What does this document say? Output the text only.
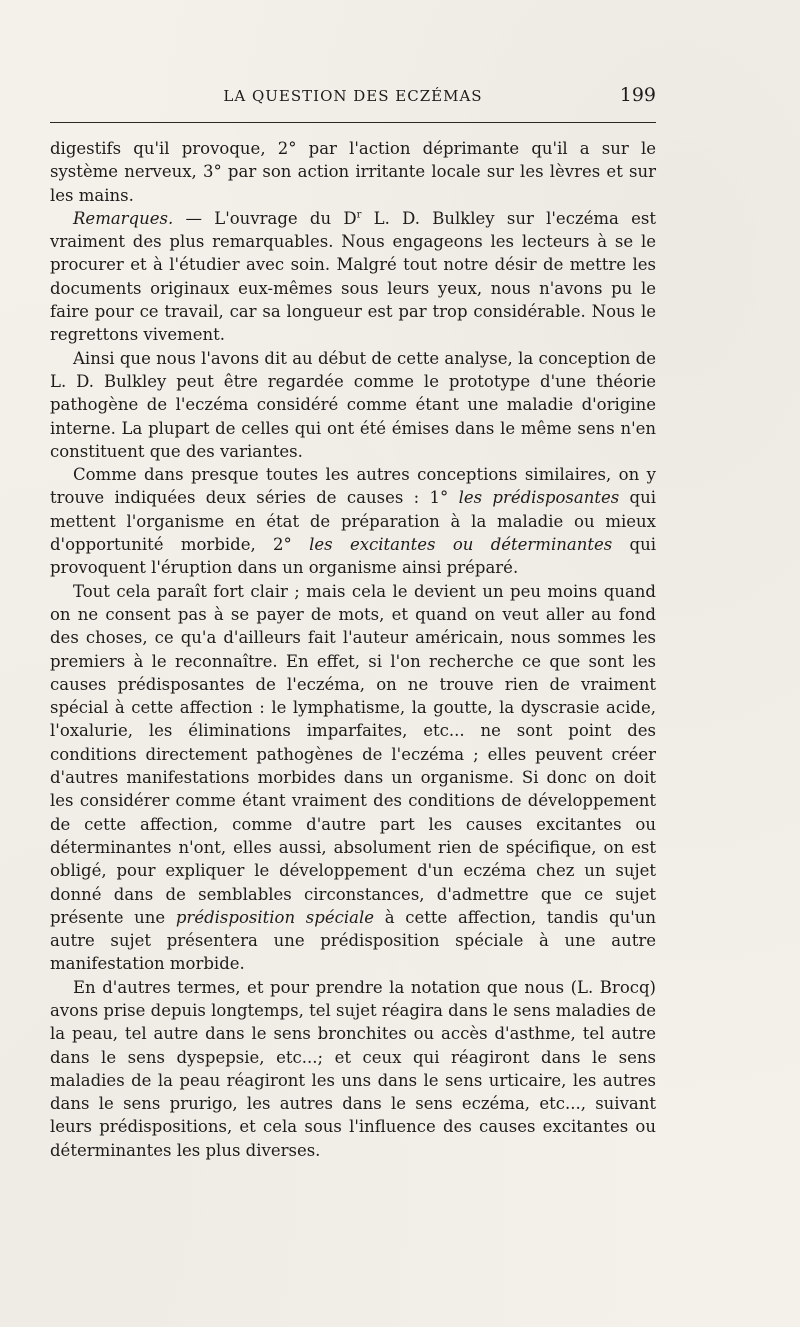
LA QUESTION DES ECZÉMAS	199

digestifs qu'il provoque, 2° par l'action déprimante qu'il a sur le système nerveux, 3° par son action irritante locale sur les lèvres et sur les mains.

Remarques. — L'ouvrage du $D^r$ L. D. Bulkley sur l'eczéma est vraiment des plus remarquables. Nous engageons les lecteurs à se le procurer et à l'étudier avec soin. Malgré tout notre désir de mettre les documents originaux eux-mêmes sous leurs yeux, nous n'avons pu le faire pour ce travail, car sa longueur est par trop considérable. Nous le regrettons vivement.

Ainsi que nous l'avons dit au début de cette analyse, la conception de L. D. Bulkley peut être regardée comme le prototype d'une théorie pathogène de l'eczéma considéré comme étant une maladie d'origine interne. La plupart de celles qui ont été émises dans le même sens n'en constituent que des variantes.

Comme dans presque toutes les autres conceptions similaires, on y trouve indiquées deux séries de causes : 1° les prédisposantes qui mettent l'organisme en état de préparation à la maladie ou mieux d'opportunité morbide, 2° les excitantes ou déterminantes qui provoquent l'éruption dans un organisme ainsi préparé.

Tout cela paraît fort clair ; mais cela le devient un peu moins quand on ne consent pas à se payer de mots, et quand on veut aller au fond des choses, ce qu'a d'ailleurs fait l'auteur américain, nous sommes les premiers à le reconnaître. En effet, si l'on recherche ce que sont les causes prédisposantes de l'eczéma, on ne trouve rien de vraiment spécial à cette affection : le lymphatisme, la goutte, la dyscrasie acide, l'oxalurie, les éliminations imparfaites, etc... ne sont point des conditions directement pathogènes de l'eczéma ; elles peuvent créer d'autres manifestations morbides dans un organisme. Si donc on doit les considérer comme étant vraiment des conditions de développement de cette affection, comme d'autre part les causes excitantes ou déterminantes n'ont, elles aussi, absolument rien de spécifique, on est obligé, pour expliquer le développement d'un eczéma chez un sujet donné dans de semblables circonstances, d'admettre que ce sujet présente une prédisposition spéciale à cette affection, tandis qu'un autre sujet présentera une prédisposition spéciale à une autre manifestation morbide.

En d'autres termes, et pour prendre la notation que nous (L. Brocq) avons prise depuis longtemps, tel sujet réagira dans le sens maladies de la peau, tel autre dans le sens bronchites ou accès d'asthme, tel autre dans le sens dyspepsie, etc...; et ceux qui réagiront dans le sens maladies de la peau réagiront les uns dans le sens urticaire, les autres dans le sens prurigo, les autres dans le sens eczéma, etc..., suivant leurs prédispositions, et cela sous l'influence des causes excitantes ou déterminantes les plus diverses.
